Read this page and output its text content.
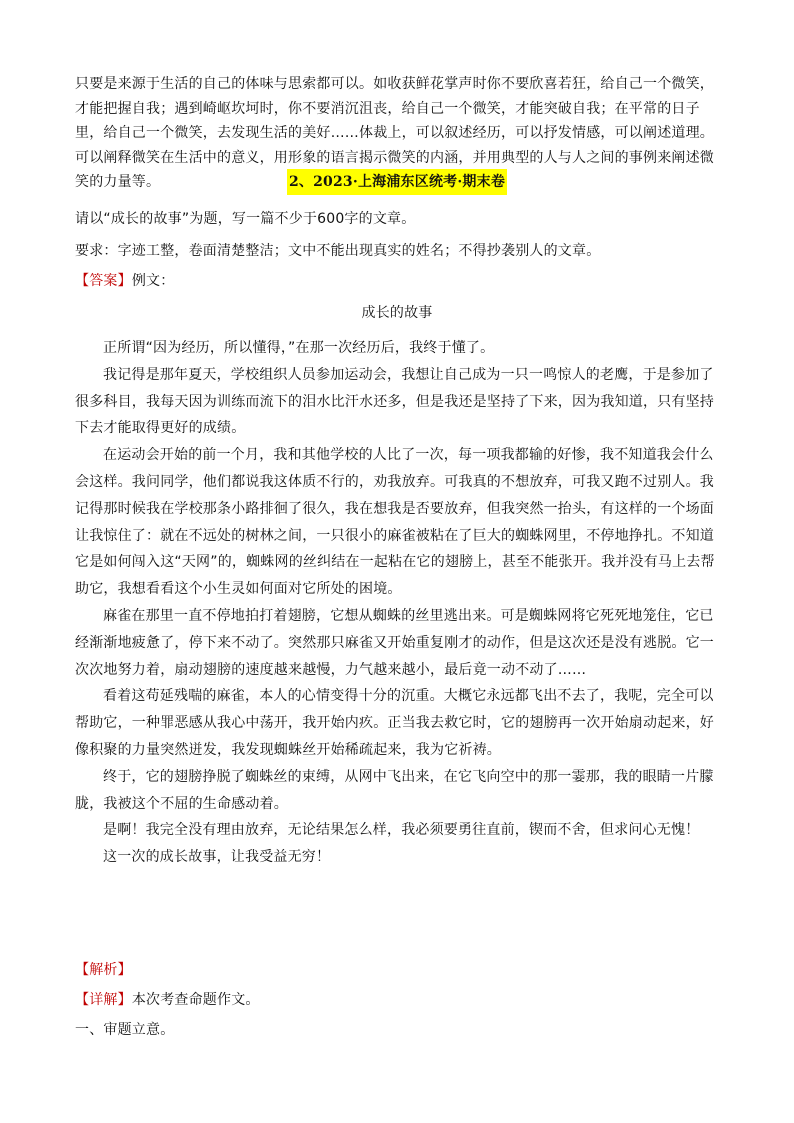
只要是来源于生活的自己的体味与思索都可以。如收获鲜花掌声时你不要欣喜若狂，给自己一个微笑，才能把握自我；遇到崎岖坎坷时，你不要消沉沮丧，给自己一个微笑，才能突破自我；在平常的日子里，给自己一个微笑，去发现生活的美好……体裁上，可以叙述经历，可以抒发情感，可以阐述道理。可以阐释微笑在生活中的意义，用形象的语言揭示微笑的内涵，并用典型的人与人之间的事例来阐述微笑的力量等。	2、2023·上海浦东区统考·期末卷

请以“成长的故事”为题，写一篇不少于600字的文章。

要求：字迹工整，卷面清楚整洁；文中不能出现真实的姓名；不得抄袭别人的文章。

【答案】例文：

成长的故事

正所谓“因为经历，所以懂得，”在那一次经历后，我终于懂了。

我记得是那年夏天，学校组织人员参加运动会，我想让自己成为一只一鸣惊人的老鹰，于是参加了很多科目，我每天因为训练而流下的泪水比汗水还多，但是我还是坚持了下来，因为我知道，只有坚持下去才能取得更好的成绩。

在运动会开始的前一个月，我和其他学校的人比了一次，每一项我都输的好惨，我不知道我会什么会这样。我问同学，他们都说我这体质不行的，劝我放弃。可我真的不想放弃，可我又跑不过别人。我记得那时候我在学校那条小路排徊了很久，我在想我是否要放弃，但我突然一抬头，有这样的一个场面让我惊住了：就在不远处的树林之间，一只很小的麻雀被粘在了巨大的蜘蛛网里，不停地挣扎。不知道它是如何闯入这“天网”的，蜘蛛网的丝纠结在一起粘在它的翅膀上，甚至不能张开。我并没有马上去帮助它，我想看看这个小生灵如何面对它所处的困境。

麻雀在那里一直不停地拍打着翅膀，它想从蜘蛛的丝里逃出来。可是蜘蛛网将它死死地笼住，它已经渐渐地疲惫了，停下来不动了。突然那只麻雀又开始重复刚才的动作，但是这次还是没有逃脱。它一次次地努力着，扇动翅膀的速度越来越慢，力气越来越小，最后竟一动不动了……

看着这苟延残喘的麻雀，本人的心情变得十分的沉重。大概它永远都飞出不去了，我呢，完全可以帮助它，一种罪恶感从我心中荡开，我开始内疚。正当我去救它时，它的翅膀再一次开始扇动起来，好像积聚的力量突然迸发，我发现蜘蛛丝开始稀疏起来，我为它祈祷。

终于，它的翅膀挣脱了蜘蛛丝的束缚，从网中飞出来，在它飞向空中的那一霎那，我的眼睛一片朦胧，我被这个不屈的生命感动着。

是啊！我完全没有理由放弃，无论结果怎么样，我必须要勇往直前，锲而不舍，但求问心无愧！

这一次的成长故事，让我受益无穷！

【解析】

【详解】本次考查命题作文。

一、审题立意。
